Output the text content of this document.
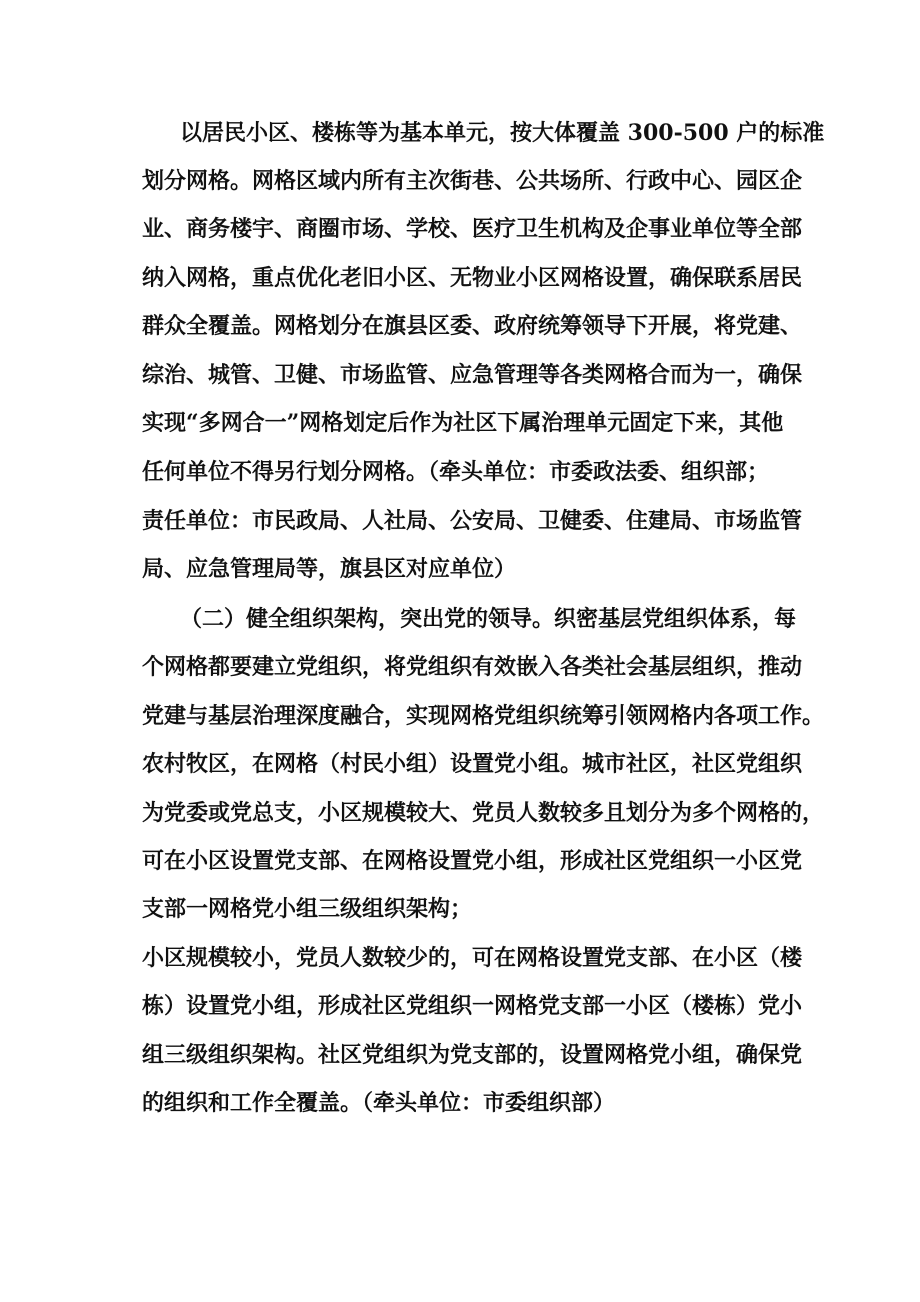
以居民小区、楼栋等为基本单元，按大体覆盖 300-500 户的标准
划分网格。网格区域内所有主次街巷、公共场所、行政中心、园区企
业、商务楼宇、商圈市场、学校、医疗卫生机构及企事业单位等全部
纳入网格，重点优化老旧小区、无物业小区网格设置，确保联系居民
群众全覆盖。网格划分在旗县区委、政府统筹领导下开展，将党建、
综治、城管、卫健、市场监管、应急管理等各类网格合而为一，确保
实现“多网合一”网格划定后作为社区下属治理单元固定下来，其他
任何单位不得另行划分网格。（牵头单位：市委政法委、组织部；
责任单位：市民政局、人社局、公安局、卫健委、住建局、市场监管
局、应急管理局等，旗县区对应单位）
（二）健全组织架构，突出党的领导。织密基层党组织体系，每
个网格都要建立党组织，将党组织有效嵌入各类社会基层组织，推动
党建与基层治理深度融合，实现网格党组织统筹引领网格内各项工作。
农村牧区，在网格（村民小组）设置党小组。城市社区，社区党组织
为党委或党总支，小区规模较大、党员人数较多且划分为多个网格的，
可在小区设置党支部、在网格设置党小组，形成社区党组织一小区党
支部一网格党小组三级组织架构；
小区规模较小，党员人数较少的，可在网格设置党支部、在小区（楼
栋）设置党小组，形成社区党组织一网格党支部一小区（楼栋）党小
组三级组织架构。社区党组织为党支部的，设置网格党小组，确保党
的组织和工作全覆盖。（牵头单位：市委组织部）
